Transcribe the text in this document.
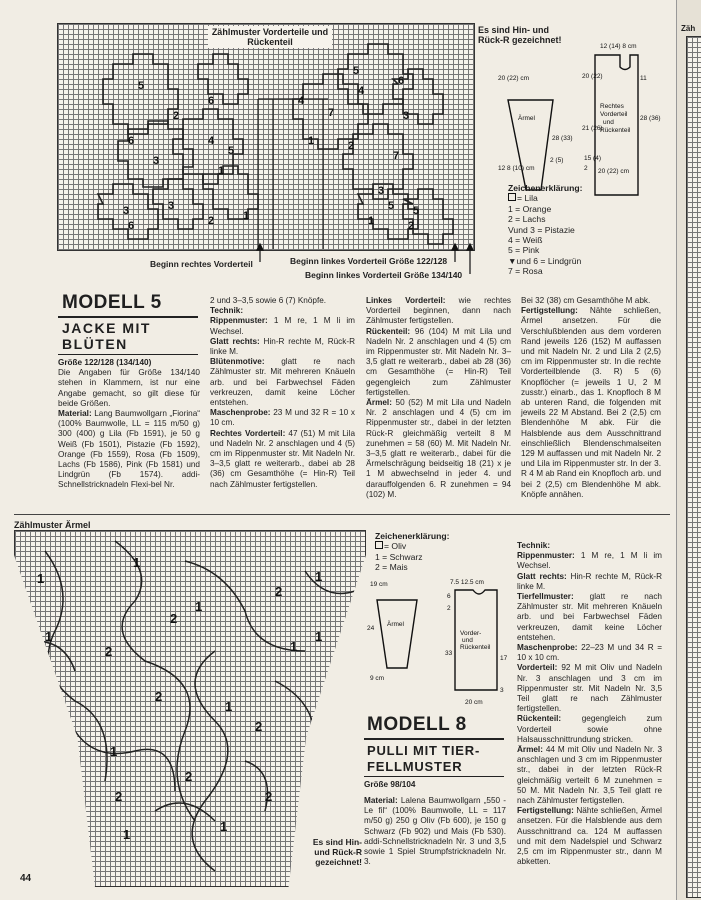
5
6
3
4
6
2
1
5
3
6	2	1
3
4
7
4
5
6
3
2
1
7
3
5
1
5
2
Zählmuster Vorderteile und Rückenteil
Es sind Hin- und Rück-R gezeichnet!
Beginn rechtes Vorderteil	Beginn linkes Vorderteil Größe 122/128
Beginn linkes Vorderteil Größe 134/140
20 (22) cm
Ärmel
28 (33)
12 8 (10) cm
2 (5)
12 (14) 8 cm
20 (22)	11
Rechtes
Vorderteil
und
Rückenteil
28 (36)
21 (26)
15 (4)
2 20 (22) cm
Zeichenerklärung:
= Lila
1 = Orange
2 = Lachs
Vund 3 = Pistazie
4 = Weiß
5 = Pink
▼und 6 = Lindgrün
7 = Rosa
MODELL 5
JACKE MIT
BLÜTEN
Größe 122/128 (134/140)
Die Angaben für Größe 134/140 stehen in Klammern, ist nur eine Angabe gemacht, so gilt diese für beide Größen.
Material: Lang Baumwollgarn „Fiorina“ (100% Baumwolle, LL = 115 m/50 g) 300 (400) g Lila (Fb 1591), je 50 g Weiß (Fb 1501), Pistazie (Fb 1592), Orange (Fb 1559), Rosa (Fb 1509), Lachs (Fb 1586), Pink (Fb 1581) und Lindgrün (Fb 1574). addi-Schnellstricknadeln Flexi-bel Nr.
2 und 3–3,5 sowie 6 (7) Knöpfe.
Technik:
Rippenmuster: 1 M re, 1 M li im Wechsel.
Glatt rechts: Hin-R rechte M, Rück-R linke M.
Blütenmotive: glatt re nach Zählmuster str. Mit mehreren Knäueln arb. und bei Farbwechsel Fäden verkreuzen, damit keine Löcher entstehen.
Maschenprobe: 23 M und 32 R = 10 x 10 cm.
Rechtes Vorderteil: 47 (51) M mit Lila und Nadeln Nr. 2 anschlagen und 4 (5) cm im Rippenmuster str. Mit Nadeln Nr. 3–3,5 glatt re weiterarb., dabei ab 28 (36) cm Gesamthöhe (= Hin-R) Teil nach Zählmuster fertigstellen.
Linkes Vorderteil: wie rechtes Vorderteil beginnen, dann nach Zählmuster fertigstellen.
Rückenteil: 96 (104) M mit Lila und Nadeln Nr. 2 anschlagen und 4 (5) cm im Rippenmuster str. Mit Nadeln Nr. 3–3,5 glatt re weiterarb., dabei ab 28 (36) cm Gesamthöhe (= Hin-R) Teil gegengleich zum Zählmuster fertigstellen.
Ärmel: 50 (52) M mit Lila und Nadeln Nr. 2 anschlagen und 4 (5) cm im Rippenmuster str., dabei in der letzten Rück-R gleichmäßig verteilt 8 M zunehmen = 58 (60) M. Mit Nadeln Nr. 3–3,5 glatt re weiterarb., dabei für die Ärmelschrägung beidseitig 18 (21) x je 1 M abwechselnd in jeder 4. und darauffolgenden 6. R zunehmen = 94 (102) M.
Bei 32 (38) cm Gesamthöhe M abk.
Fertigstellung: Nähte schließen, Ärmel ansetzen. Für die Verschlußblenden aus dem vorderen Rand jeweils 126 (152) M auffassen und mit Nadeln Nr. 2 und Lila 2 (2,5) cm im Rippenmuster str. In die rechte Vorderteilblende (3. R) 5 (6) Knopflöcher (= jeweils 1 U, 2 M zusstr.) einarb., das 1. Knopfloch 8 M ab unteren Rand, die folgenden mit jeweils 22 M Abstand. Bei 2 (2,5) cm Blendenhöhe M abk. Für die Halsblende aus dem Ausschnittrand einschließlich Blendenschmalseiten 129 M auffassen und mit Nadeln Nr. 2 und Lila im Rippenmuster str. In der 3. R 4 M ab Rand ein Knopfloch arb. und bei 2 (2,5) cm Blendenhöhe M abk. Knöpfe annähen.
Zählmuster Ärmel
1
1
2
1
1
2
1
2	1
1
2
1
1
2
2
1
1
2
2
Es sind Hin- und Rück-R gezeichnet!
Zeichenerklärung:
= Oliv
1 = Schwarz
2 = Mais
19 cm
24
Ärmel
9 cm
7.5 12.5 cm
6
2
Vorder-
und
Rückenteil
33
17
3
20 cm
MODELL 8
PULLI MIT TIER-
FELLMUSTER
Größe 98/104
Material: Lalena Baumwollgarn „550 - Le fil“ (100% Baumwolle, LL = 117 m/50 g) 250 g Oliv (Fb 600), je 150 g Schwarz (Fb 902) und Mais (Fb 530). addi-Schnellstricknadeln Nr. 3 und 3,5 sowie 1 Spiel Strumpfstricknadeln Nr. 3.
Technik:
Rippenmuster: 1 M re, 1 M li im Wechsel.
Glatt rechts: Hin-R rechte M, Rück-R linke M.
Tierfellmuster: glatt re nach Zählmuster str. Mit mehreren Knäueln arb. und bei Farbwechsel Fäden verkreuzen, damit keine Löcher entstehen.
Maschenprobe: 22–23 M und 34 R = 10 x 10 cm.
Vorderteil: 92 M mit Oliv und Nadeln Nr. 3 anschlagen und 3 cm im Rippenmuster str. Mit Nadeln Nr. 3,5 Teil glatt re nach Zählmuster fertigstellen.
Rückenteil: gegengleich zum Vorderteil sowie ohne Halsausschnittrundung stricken.
Ärmel: 44 M mit Oliv und Nadeln Nr. 3 anschlagen und 3 cm im Rippenmuster str., dabei in der letzten Rück-R gleichmäßig verteilt 6 M zunehmen = 50 M. Mit Nadeln Nr. 3,5 Teil glatt re nach Zählmuster fertigstellen.
Fertigstellung: Nähte schließen, Ärmel ansetzen. Für die Halsblende aus dem Ausschnittrand ca. 124 M auffassen und mit dem Nadelspiel und Schwarz 2,5 cm im Rippenmuster str., dann M abketten.
Zäh
44
